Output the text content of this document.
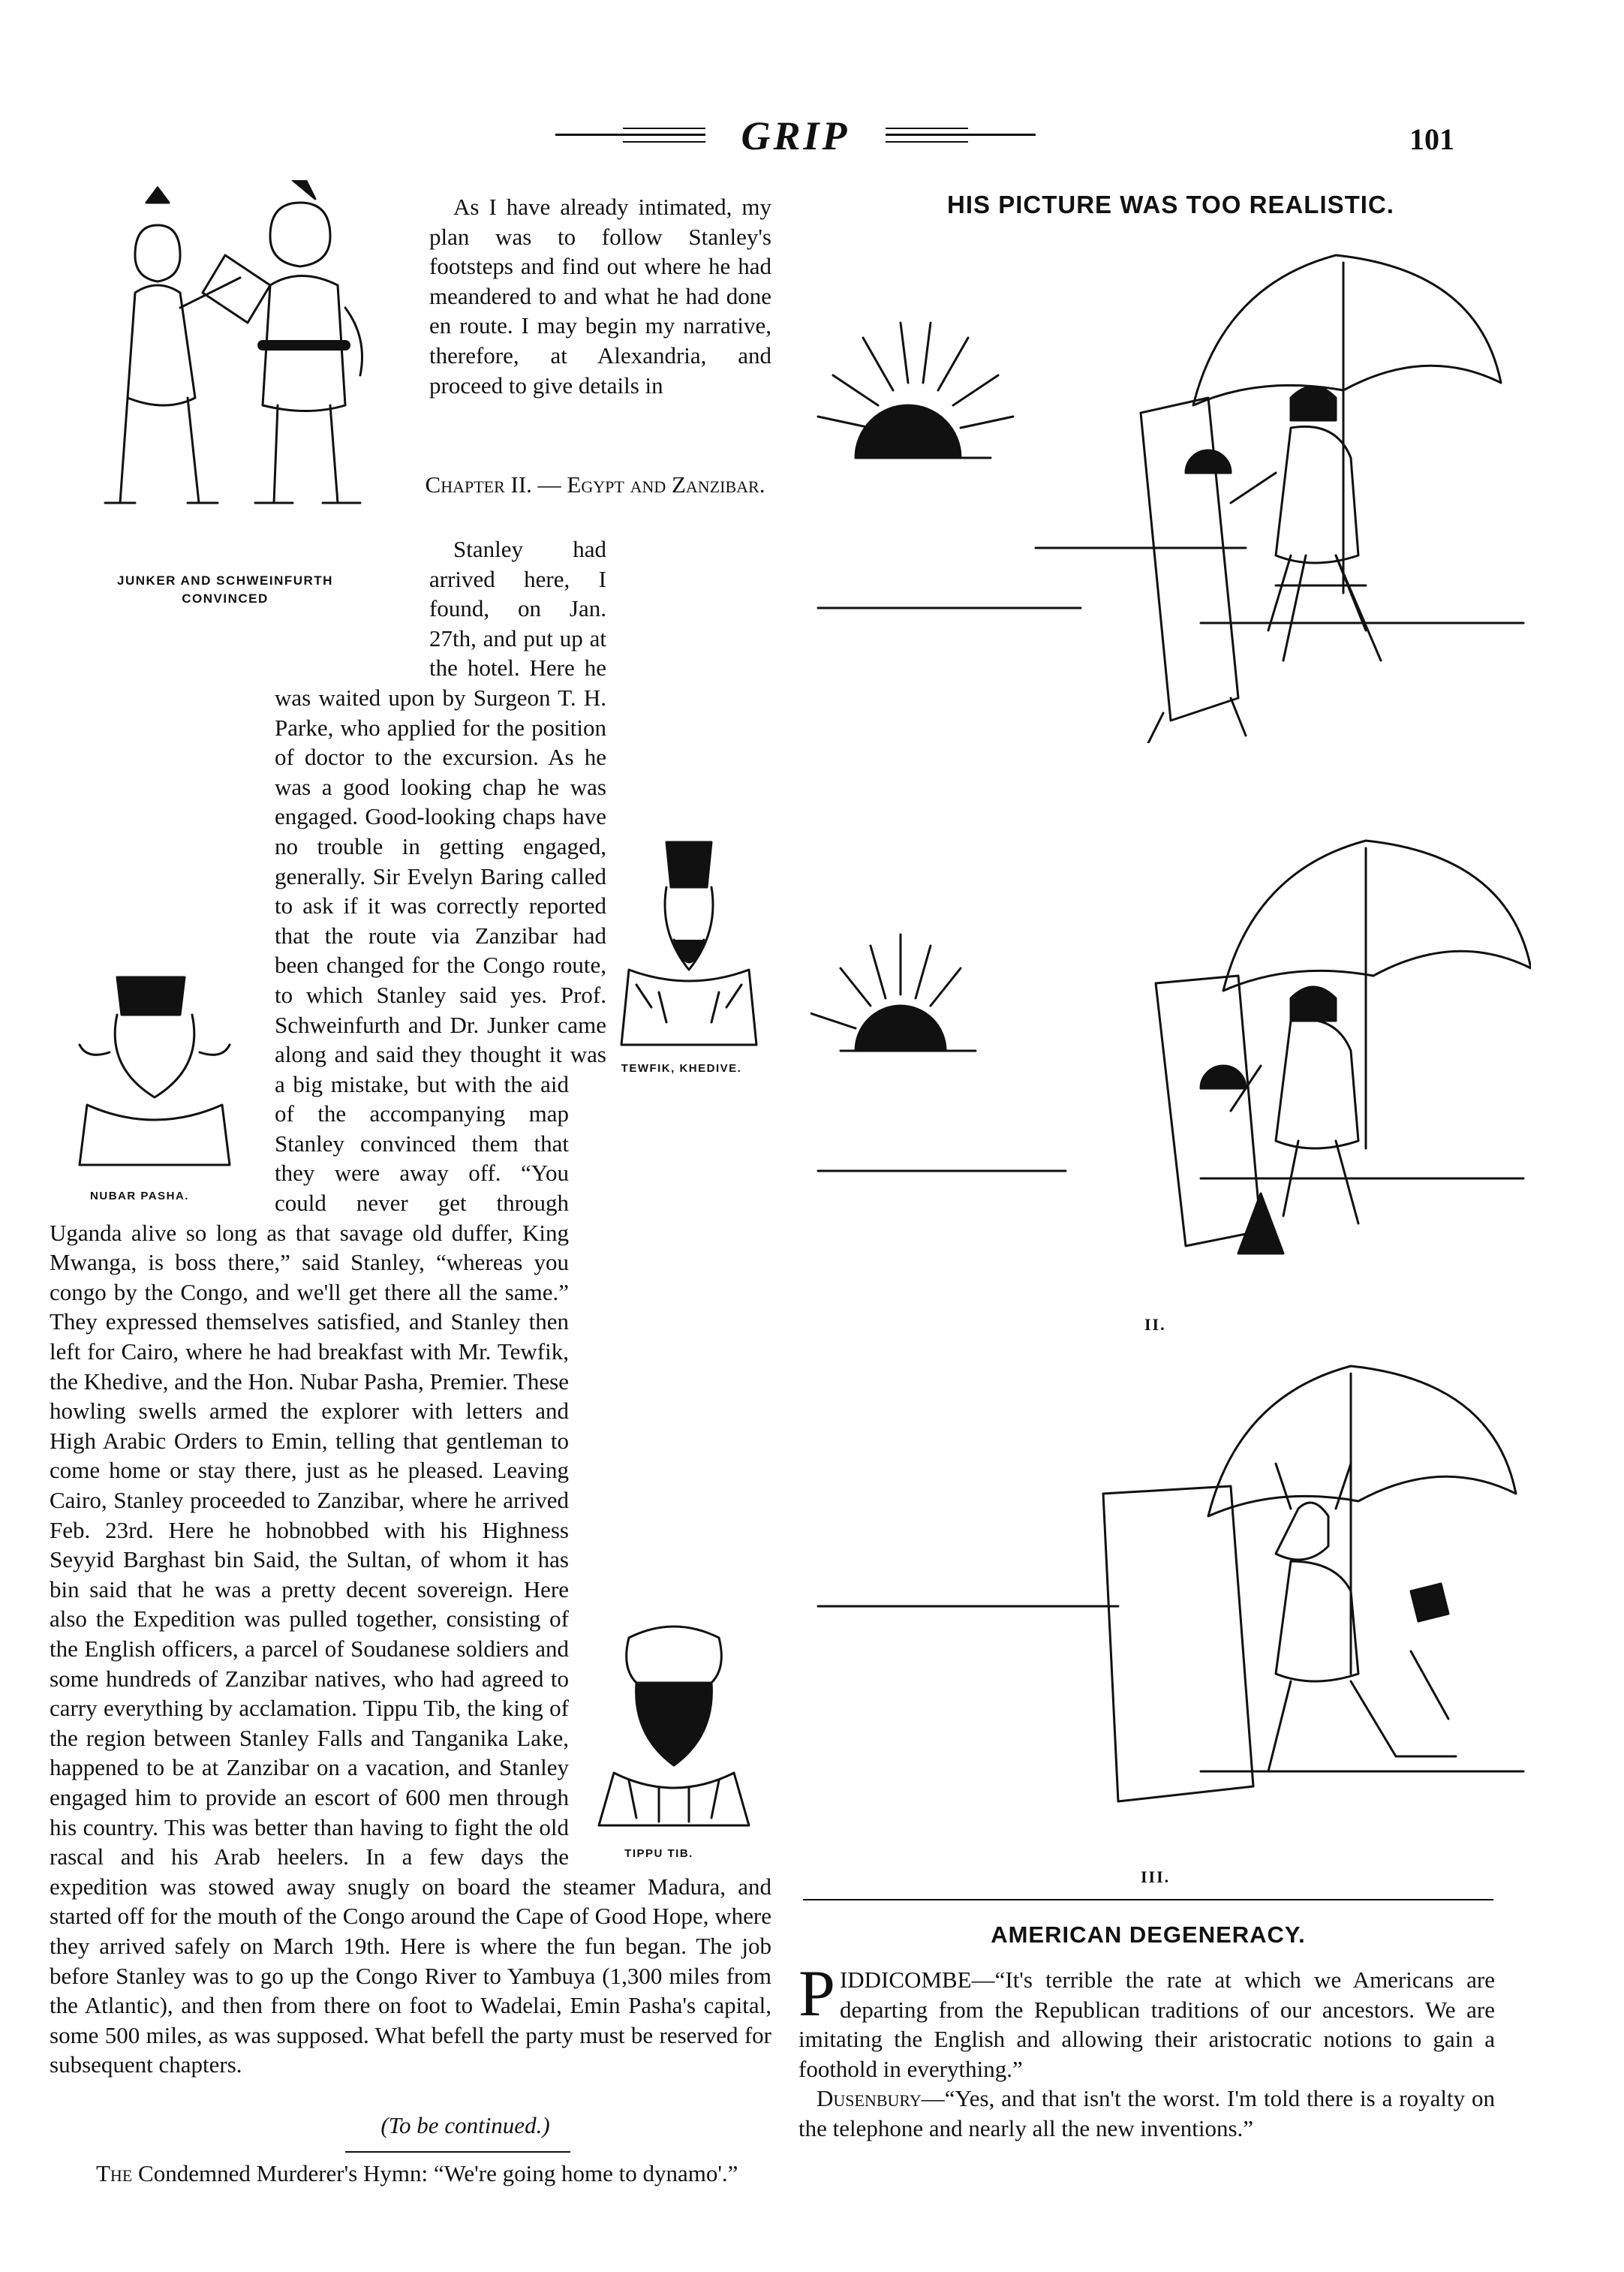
GRIP	101
JUNKER AND SCHWEINFURTH CONVINCED
As I have already intimated, my plan was to follow Stanley's footsteps and find out where he had meandered to and what he had done en route. I may begin my narrative, therefore, at Alexandria, and proceed to give details in
Chapter II. — Egypt and Zanzibar.
TEWFIK, KHEDIVE.
NUBAR PASHA.
TIPPU TIB.

Stanley had arrived here, I found, on Jan. 27th, and put up at the hotel. Here he was waited upon by Surgeon T. H. Parke, who applied for the position of doctor to the excursion. As he was a good looking chap he was engaged. Good-looking chaps have no trouble in getting engaged, generally. Sir Evelyn Baring called to ask if it was correctly reported that the route via Zanzibar had been changed for the Congo route, to which Stanley said yes. Prof. Schweinfurth and Dr. Junker came along and said they thought it was a big mistake, but with the aid of the accompanying map Stanley convinced them that they were away off. “You could never get through Uganda alive so long as that savage old duffer, King Mwanga, is boss there,” said Stanley, “whereas you congo by the Congo, and we'll get there all the same.” They expressed themselves satisfied, and Stanley then left for Cairo, where he had breakfast with Mr. Tewfik, the Khedive, and the Hon. Nubar Pasha, Premier. These howling swells armed the explorer with letters and High Arabic Orders to Emin, telling that gentleman to come home or stay there, just as he pleased. Leaving Cairo, Stanley proceeded to Zanzibar, where he arrived Feb. 23rd. Here he hobnobbed with his Highness Seyyid Barghast bin Said, the Sultan, of whom it has bin said that he was a pretty decent sovereign. Here also the Expedition was pulled together, consisting of the English officers, a parcel of Soudanese soldiers and some hundreds of Zanzibar natives, who had agreed to carry everything by acclamation. Tippu Tib, the king of the region between Stanley Falls and Tanganika Lake, happened to be at Zanzibar on a vacation, and Stanley engaged him to provide an escort of 600 men through his country. This was better than having to fight the old rascal and his Arab heelers. In a few days the expedition was stowed away snugly on board the steamer Madura, and started off for the mouth of the Congo around the Cape of Good Hope, where they arrived safely on March 19th. Here is where the fun began. The job before Stanley was to go up the Congo River to Yambuya (1,300 miles from the Atlantic), and then from there on foot to Wadelai, Emin Pasha's capital, some 500 miles, as was supposed. What befell the party must be reserved for subsequent chapters.

(To be continued.)
The Condemned Murderer's Hymn: “We're going home to dynamo'.”
HIS PICTURE WAS TOO REALISTIC.
II.
III.
AMERICAN DEGENERACY.

PIDDICOMBE—“It's terrible the rate at which we Americans are departing from the Republican traditions of our ancestors. We are imitating the English and allowing their aristocratic notions to gain a foothold in everything.”

Dusenbury—“Yes, and that isn't the worst. I'm told there is a royalty on the telephone and nearly all the new inventions.”
